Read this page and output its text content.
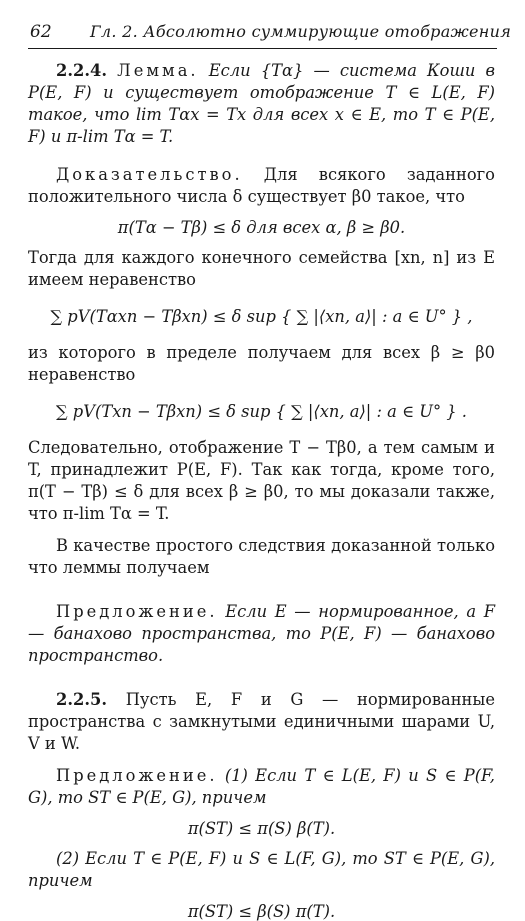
62 Гл. 2. Абсолютно суммирующие отображения

2.2.4. Лемма. Если {Tα} — система Коши в P(E, F) и существует отображение T ∈ L(E, F) такое, что lim Tαx = Tx для всех x ∈ E, то T ∈ P(E, F) и π-lim Tα = T.

Доказательство. Для всякого заданного положительного числа δ существует β0 такое, что

π(Tα − Tβ) ≤ δ для всех α, β ≥ β0.

Тогда для каждого конечного семейства [xn, n] из E имеем неравенство

∑ pV(Tαxn − Tβxn) ≤ δ sup { ∑ |⟨xn, a⟩| : a ∈ U° } ,

из которого в пределе получаем для всех β ≥ β0 неравенство

∑ pV(Txn − Tβxn) ≤ δ sup { ∑ |⟨xn, a⟩| : a ∈ U° } .

Следовательно, отображение T − Tβ0, а тем самым и T, принадлежит P(E, F). Так как тогда, кроме того, π(T − Tβ) ≤ δ для всех β ≥ β0, то мы доказали также, что π-lim Tα = T.

В качестве простого следствия доказанной только что леммы получаем

Предложение. Если E — нормированное, а F — банахово пространства, то P(E, F) — банахово пространство.

2.2.5. Пусть E, F и G — нормированные пространства с замкнутыми единичными шарами U, V и W.

Предложение. (1) Если T ∈ L(E, F) и S ∈ P(F, G), то ST ∈ P(E, G), причем

π(ST) ≤ π(S) β(T).

(2) Если T ∈ P(E, F) и S ∈ L(F, G), то ST ∈ P(E, G), причем

π(ST) ≤ β(S) π(T).
